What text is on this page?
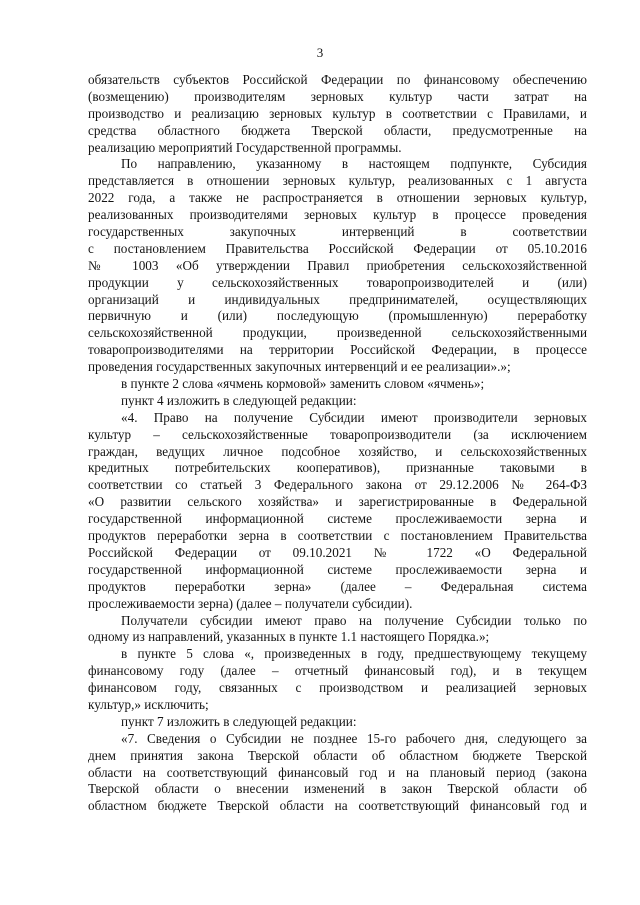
3
обязательств субъектов Российской Федерации по финансовому обеспечению
(возмещению) производителям зерновых культур части затрат на
производство и реализацию зерновых культур в соответствии с Правилами, и
средства областного бюджета Тверской области, предусмотренные на
реализацию мероприятий Государственной программы.
По направлению, указанному в настоящем подпункте, Субсидия
представляется в отношении зерновых культур, реализованных с 1 августа
2022 года, а также не распространяется в отношении зерновых культур,
реализованных производителями зерновых культур в процессе проведения
государственных закупочных интервенций в соответствии
с постановлением Правительства Российской Федерации от 05.10.2016
№ 1003 «Об утверждении Правил приобретения сельскохозяйственной
продукции у сельскохозяйственных товаропроизводителей и (или)
организаций и индивидуальных предпринимателей, осуществляющих
первичную и (или) последующую (промышленную) переработку
сельскохозяйственной продукции, произведенной сельскохозяйственными
товаропроизводителями на территории Российской Федерации, в процессе
проведения государственных закупочных интервенций и ее реализации».»;
в пункте 2 слова «ячмень кормовой» заменить словом «ячмень»;
пункт 4 изложить в следующей редакции:
«4. Право на получение Субсидии имеют производители зерновых
культур – сельскохозяйственные товаропроизводители (за исключением
граждан, ведущих личное подсобное хозяйство, и сельскохозяйственных
кредитных потребительских кооперативов), признанные таковыми в
соответствии со статьей 3 Федерального закона от 29.12.2006 № 264-ФЗ
«О развитии сельского хозяйства» и зарегистрированные в Федеральной
государственной информационной системе прослеживаемости зерна и
продуктов переработки зерна в соответствии с постановлением Правительства
Российской Федерации от 09.10.2021 № 1722 «О Федеральной
государственной информационной системе прослеживаемости зерна и
продуктов переработки зерна» (далее – Федеральная система
прослеживаемости зерна) (далее – получатели субсидии).
Получатели субсидии имеют право на получение Субсидии только по
одному из направлений, указанных в пункте 1.1 настоящего Порядка.»;
в пункте 5 слова «, произведенных в году, предшествующему текущему
финансовому году (далее – отчетный финансовый год), и в текущем
финансовом году, связанных с производством и реализацией зерновых
культур,» исключить;
пункт 7 изложить в следующей редакции:
«7. Сведения о Субсидии не позднее 15-го рабочего дня, следующего за
днем принятия закона Тверской области об областном бюджете Тверской
области на соответствующий финансовый год и на плановый период (закона
Тверской области о внесении изменений в закон Тверской области об
областном бюджете Тверской области на соответствующий финансовый год и
